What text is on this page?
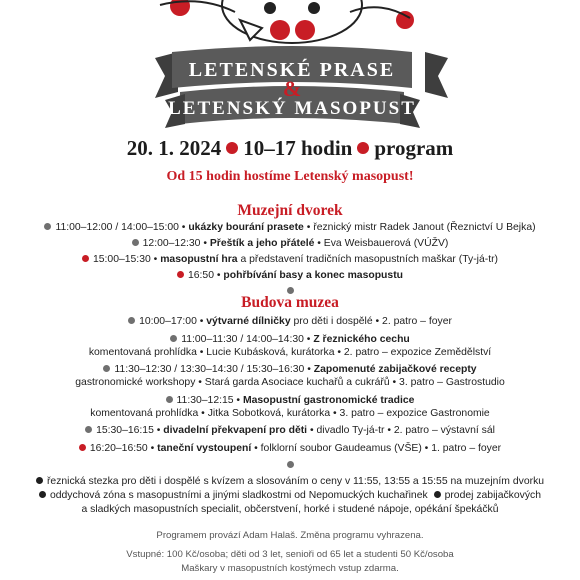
LETENSKÉ PRASE
&
LETENSKÝ MASOPUST
20. 1. 2024 10–17 hodin program
Od 15 hodin hostíme Letenský masopust!
Muzejní dvorek
11:00–12:00 / 14:00–15:00 • ukázky bourání prasete • řeznický mistr Radek Janout (Řeznictví U Bejka)
12:00–12:30 • Přeštík a jeho přátelé • Eva Weisbauerová (VÚŽV)
15:00–15:30 • masopustní hra a představení tradičních masopustních maškar (Ty-já-tr)
16:50 • pohřbívání basy a konec masopustu
Budova muzea
10:00–17:00 • výtvarné dílničky pro děti i dospělé • 2. patro – foyer
11:00–11:30 / 14:00–14:30 • Z řeznického cechu
komentovaná prohlídka • Lucie Kubásková, kurátorka • 2. patro – expozice Zemědělství
11:30–12:30 / 13:30–14:30 / 15:30–16:30 • Zapomenuté zabijačkové recepty
gastronomické workshopy • Stará garda Asociace kuchařů a cukrářů • 3. patro – Gastrostudio
11:30–12:15 • Masopustní gastronomické tradice
komentovaná prohlídka • Jitka Sobotková, kurátorka • 3. patro – expozice Gastronomie
15:30–16:15 • divadelní překvapení pro děti • divadlo Ty-já-tr • 2. patro – výstavní sál
16:20–16:50 • taneční vystoupení • folklorní soubor Gaudeamus (VŠE) • 1. patro – foyer
řeznická stezka pro děti i dospělé s kvízem a slosováním o ceny v 11:55, 13:55 a 15:55 na muzejním dvorku
oddychová zóna s masopustními a jinými sladkostmi od Nepomuckých kuchařinek prodej zabijačkových
a sladkých masopustních specialit, občerstvení, horké i studené nápoje, opékání špekáčků
Programem provází Adam Halaš. Změna programu vyhrazena.
Vstupné: 100 Kč/osoba; děti od 3 let, senioři od 65 let a studenti 50 Kč/osoba
Maškary v masopustních kostýmech vstup zdarma.
